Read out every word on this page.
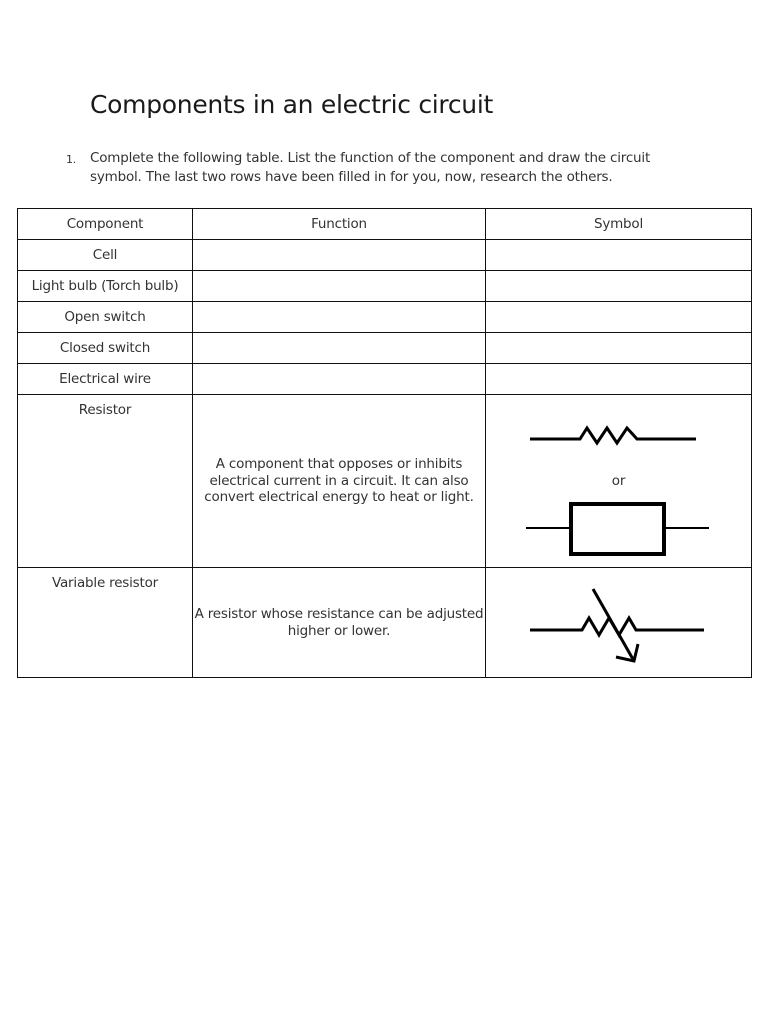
Components in an electric circuit
1. Complete the following table. List the function of the component and draw the circuit symbol. The last two rows have been filled in for you, now, research the others.
Component	Function	Symbol
Cell		
Light bulb (Torch bulb)		
Open switch		
Closed switch		
Electrical wire		
Resistor	A component that opposes or inhibits electrical current in a circuit. It can also convert electrical energy to heat or light.	or

Variable resistor	A resistor whose resistance can be adjusted higher or lower.	
